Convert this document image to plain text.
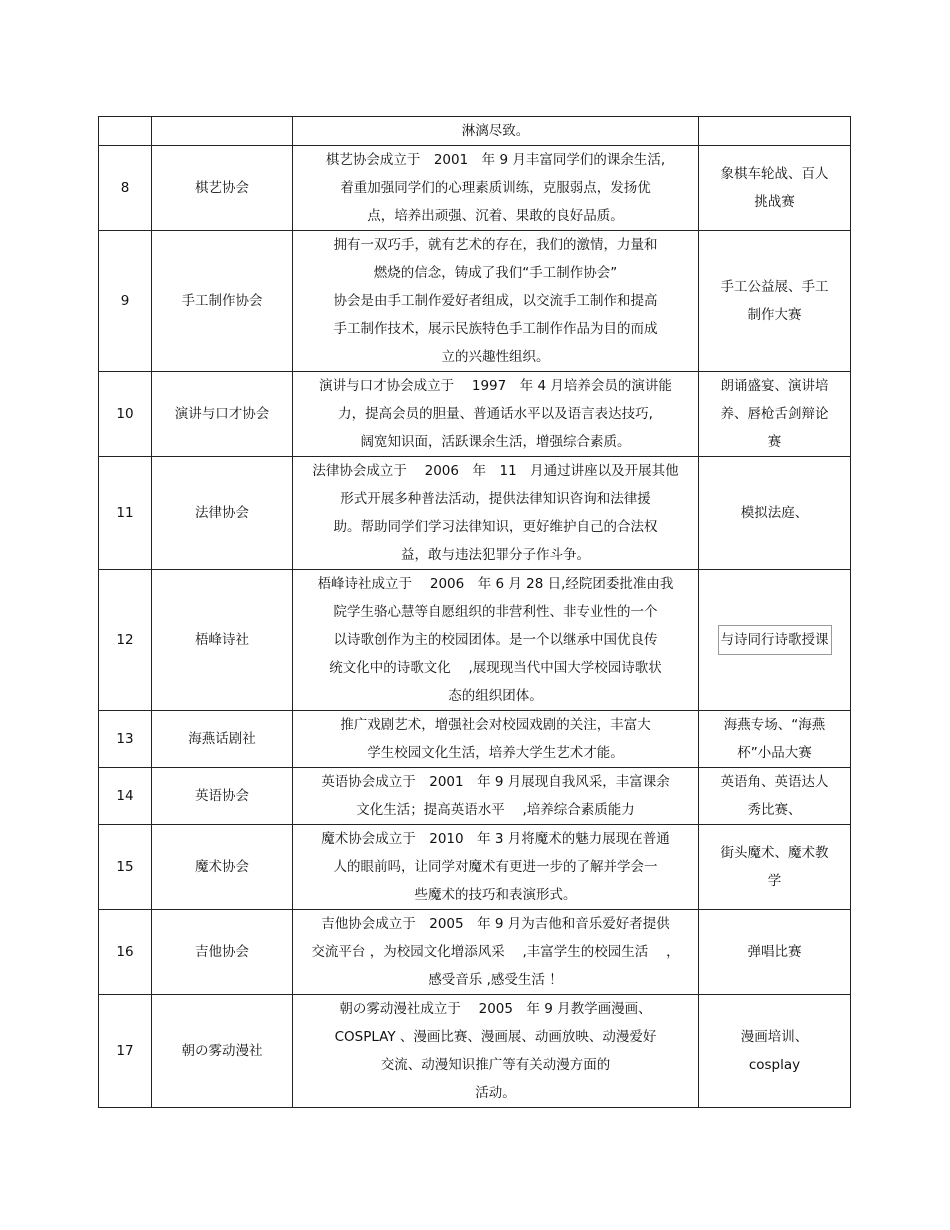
		淋漓尽致。	

8	棋艺协会	棋艺协会成立于　2001　年 9 月丰富同学们的课余生活,
着重加强同学们的心理素质训练，克服弱点，发扬优
点，培养出顽强、沉着、果敢的良好品质。	象棋车轮战、百人
挑战赛

9	手工制作协会	拥有一双巧手，就有艺术的存在，我们的激情，力量和
燃烧的信念，铸成了我们“手工制作协会”
协会是由手工制作爱好者组成，以交流手工制作和提高
手工制作技术，展示民族特色手工制作作品为目的而成
立的兴趣性组织。	手工公益展、手工
制作大赛

10	演讲与口才协会	演讲与口才协会成立于　 1997　年 4 月培养会员的演讲能
力，提高会员的胆量、普通话水平以及语言表达技巧,
阔宽知识面，活跃课余生活，增强综合素质。	朗诵盛宴、演讲培
养、唇枪舌剑辩论
赛

11	法律协会	法律协会成立于　 2006　年　11　月通过讲座以及开展其他
形式开展多种普法活动，提供法律知识咨询和法律援
助。帮助同学们学习法律知识，更好维护自己的合法权
益，敢与违法犯罪分子作斗争。	模拟法庭、

12	梧峰诗社	梧峰诗社成立于　 2006　年 6 月 28 日,经院团委批准由我
院学生骆心慧等自愿组织的非营利性、非专业性的一个
以诗歌创作为主的校园团体。是一个以继承中国优良传
统文化中的诗歌文化　 ,展现现当代中国大学校园诗歌状
态的组织团体。	与诗同行诗歌授课
13	海燕话剧社	推广戏剧艺术，增强社会对校园戏剧的关注，丰富大
学生校园文化生活，培养大学生艺术才能。	海燕专场、“海燕
杯”小品大赛

14	英语协会	英语协会成立于　2001　年 9 月展现自我风采，丰富课余
文化生活；提高英语水平　 ,培养综合素质能力	英语角、英语达人
秀比赛、

15	魔术协会	魔术协会成立于　2010　年 3 月将魔术的魅力展现在普通
人的眼前吗，让同学对魔术有更进一步的了解并学会一
些魔术的技巧和表演形式。	街头魔术、魔术教
学

16	吉他协会	吉他协会成立于　2005　年 9 月为吉他和音乐爱好者提供
交流平台 ，为校园文化增添风采　 ,丰富学生的校园生活　 ，
感受音乐 ,感受生活 ！	弹唱比赛

17	朝の雾动漫社	朝の雾动漫社成立于　 2005　年 9 月教学画漫画、
COSPLAY 、漫画比赛、漫画展、动画放映、动漫爱好
交流、动漫知识推广等有关动漫方面的
活动。	漫画培训、
cosplay
